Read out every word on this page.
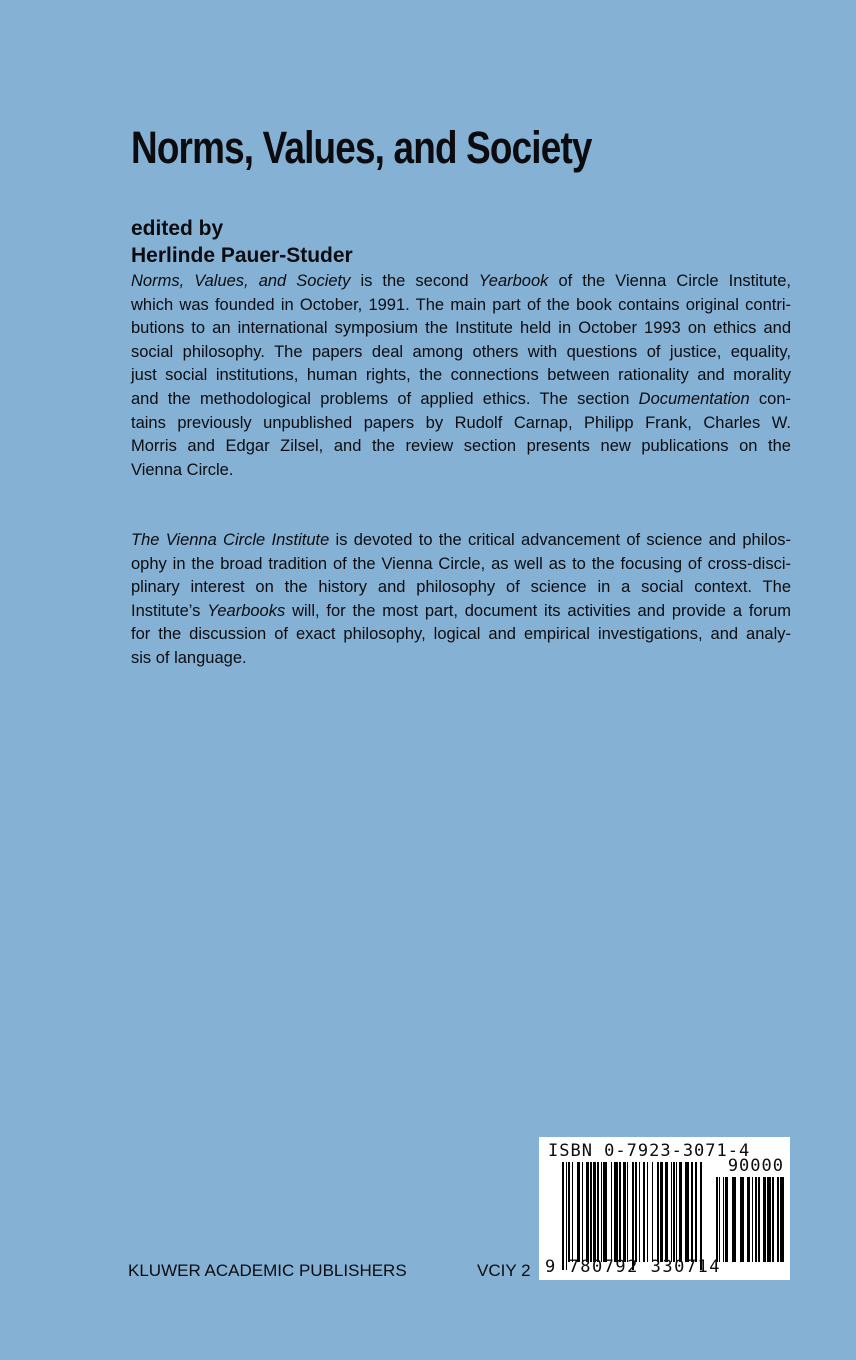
Norms, Values, and Society
edited by
Herlinde Pauer-Studer
Norms, Values, and Society is the second Yearbook of the Vienna Circle Institute,
which was founded in October, 1991. The main part of the book contains original contri-
butions to an international symposium the Institute held in October 1993 on ethics and
social philosophy. The papers deal among others with questions of justice, equality,
just social institutions, human rights, the connections between rationality and morality
and the methodological problems of applied ethics. The section Documentation con-
tains previously unpublished papers by Rudolf Carnap, Philipp Frank, Charles W.
Morris and Edgar Zilsel, and the review section presents new publications on the
Vienna Circle.
The Vienna Circle Institute is devoted to the critical advancement of science and philos-
ophy in the broad tradition of the Vienna Circle, as well as to the focusing of cross-disci-
plinary interest on the history and philosophy of science in a social context. The
Institute’s Yearbooks will, for the most part, document its activities and provide a forum
for the discussion of exact philosophy, logical and empirical investigations, and analy-
sis of language.
KLUWER ACADEMIC PUBLISHERS	VCIY 2
ISBN 0-7923-3071-4
90000
9 780792 330714
